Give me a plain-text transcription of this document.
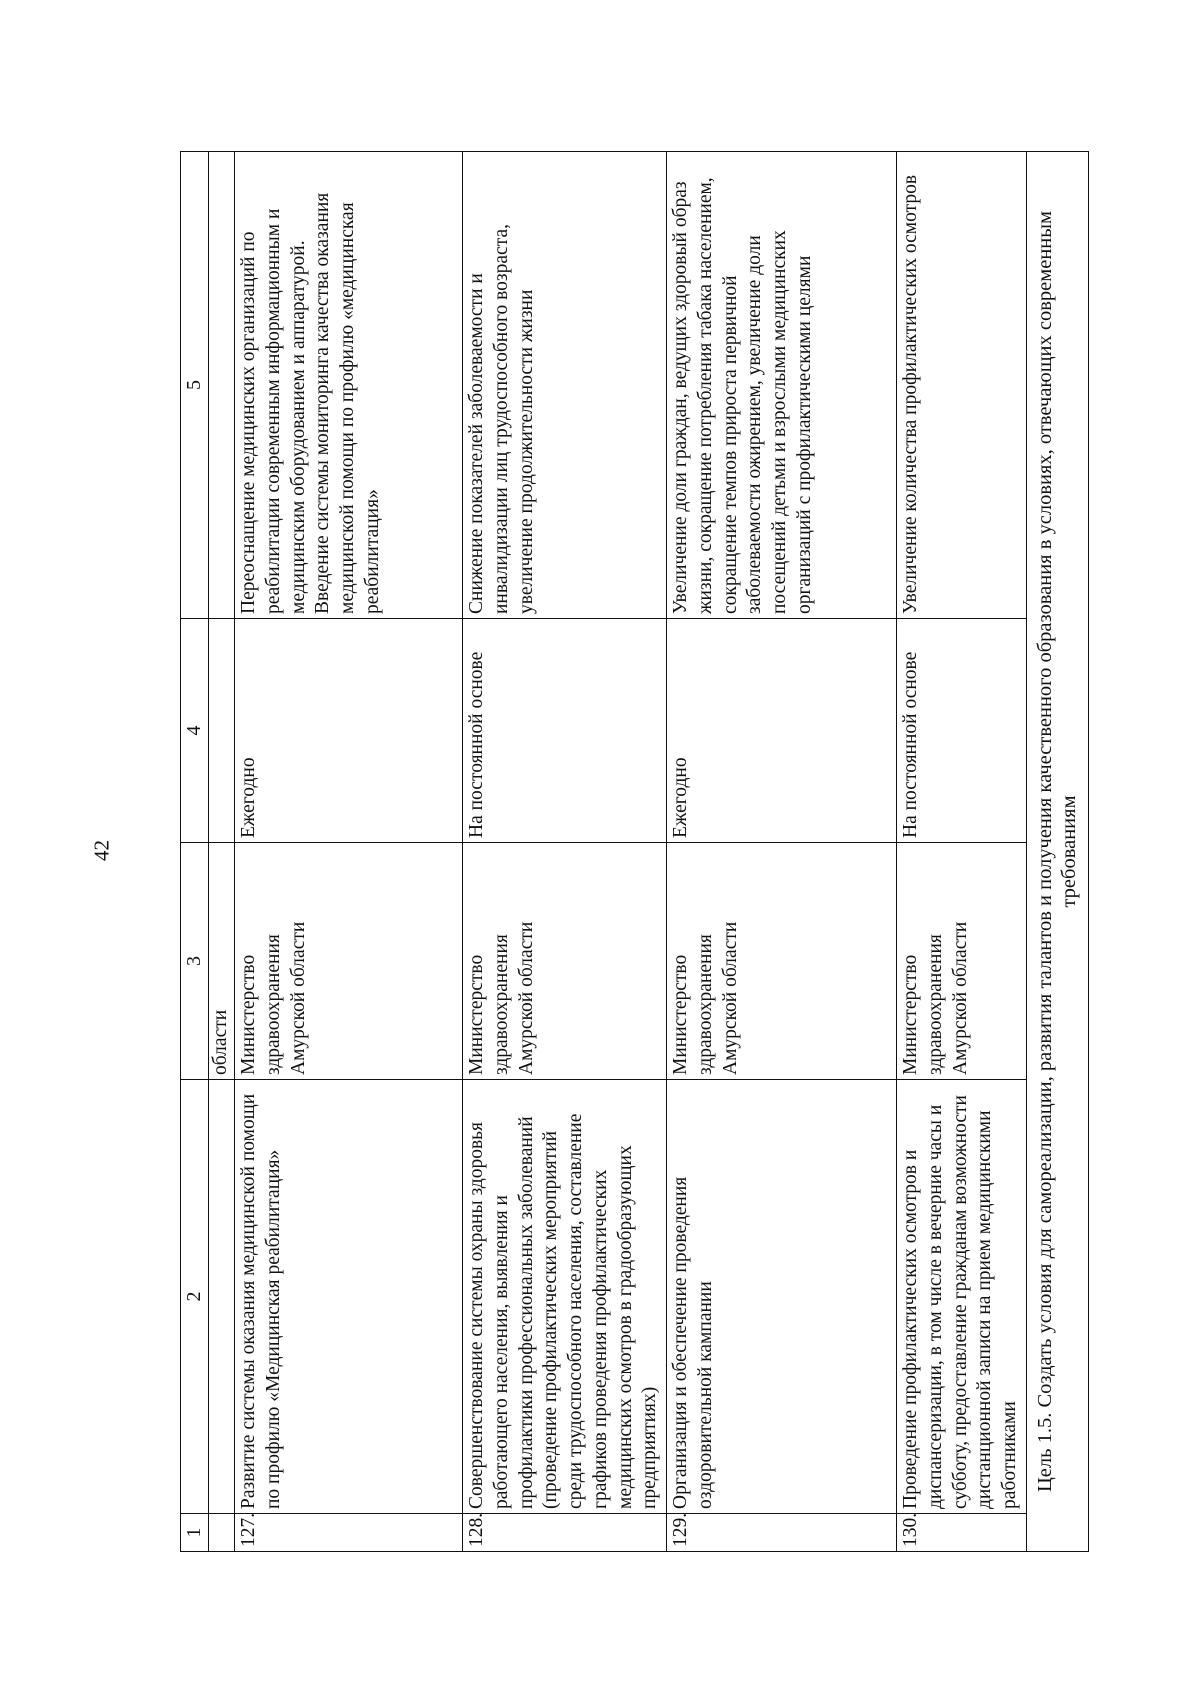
42
1	2	3	4	5
		области		
127.	Развитие системы оказания медицинской помощи по профилю «Медицинская реабилитация»	Министерство здравоохранения Амурской области	Ежегодно	Переоснащение медицинских организаций по реабилитации современным информационным и медицинским оборудованием и аппаратурой. Введение системы мониторинга качества оказания медицинской помощи по профилю «медицинская реабилитация»
128.	Совершенствование системы охраны здоровья работающего населения, выявления и профилактики профессиональных заболеваний (проведение профилактических мероприятий среди трудоспособного населения, составление графиков проведения профилактических медицинских осмотров в градообразующих предприятиях)	Министерство здравоохранения Амурской области	На постоянной основе	Снижение показателей заболеваемости и инвалидизации лиц трудоспособного возраста, увеличение продолжительности жизни
129.	Организация и обеспечение проведения оздоровительной кампании	Министерство здравоохранения Амурской области	Ежегодно	Увеличение доли граждан, ведущих здоровый образ жизни, сокращение потребления табака населением, сокращение темпов прироста первичной заболеваемости ожирением, увеличение доли посещений детьми и взрослыми медицинских организаций с профилактическими целями
130.	Проведение профилактических осмотров и диспансеризации, в том числе в вечерние часы и субботу, предоставление гражданам возможности дистанционной записи на прием медицинскими работниками	Министерство здравоохранения Амурской области	На постоянной основе	Увеличение количества профилактических осмотров
Цель 1.5. Создать условия для самореализации, развития талантов и получения качественного образования в условиях, отвечающих современным требованиям				
